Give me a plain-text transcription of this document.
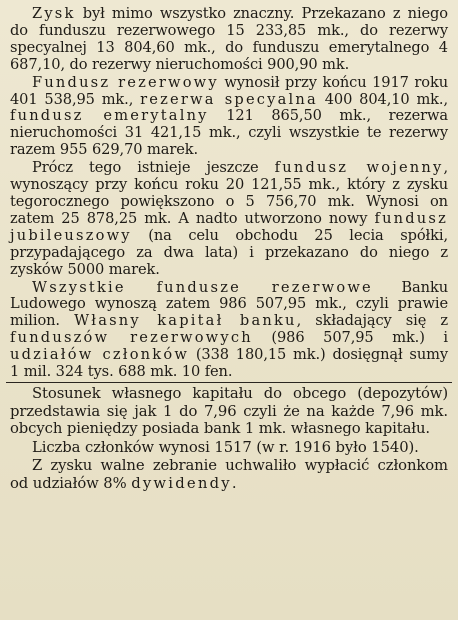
Zysk był mimo wszystko znaczny. Przekazano z niego do funduszu rezerwowego 15 233,85 mk., do rezerwy specyalnej 13 804,60 mk., do funduszu emerytalnego 4 687,10, do rezerwy nieruchomości 900,90 mk.

Fundusz rezerwowy wynosił przy końcu 1917 roku 401 538,95 mk., rezerwa specyalna 400 804,10 mk., fundusz emerytalny 121 865,50 mk., rezerwa nieruchomości 31 421,15 mk., czyli wszystkie te rezerwy razem 955 629,70 marek.

Prócz tego istnieje jeszcze fundusz wojenny, wynoszący przy końcu roku 20 121,55 mk., który z zysku tegorocznego powiększono o 5 756,70 mk. Wynosi on zatem 25 878,25 mk. A nadto utworzono nowy fundusz jubileuszowy (na celu obchodu 25 lecia spółki, przypadającego za dwa lata) i przekazano do niego z zysków 5000 marek.

Wszystkie fundusze rezerwowe Banku Ludowego wynoszą zatem 986 507,95 mk., czyli prawie milion. Własny kapitał banku, składający się z funduszów rezerwowych (986 507,95 mk.) i udziałów członków (338 180,15 mk.) dosięgnął sumy 1 mil. 324 tys. 688 mk. 10 fen.

Stosunek własnego kapitału do obcego (depozytów) przedstawia się jak 1 do 7,96 czyli że na każde 7,96 mk. obcych pieniędzy posiada bank 1 mk. własnego kapitału.

Liczba członków wynosi 1517 (w r. 1916 było 1540).

Z zysku walne zebranie uchwaliło wypłacić członkom od udziałów 8% dywidendy.
